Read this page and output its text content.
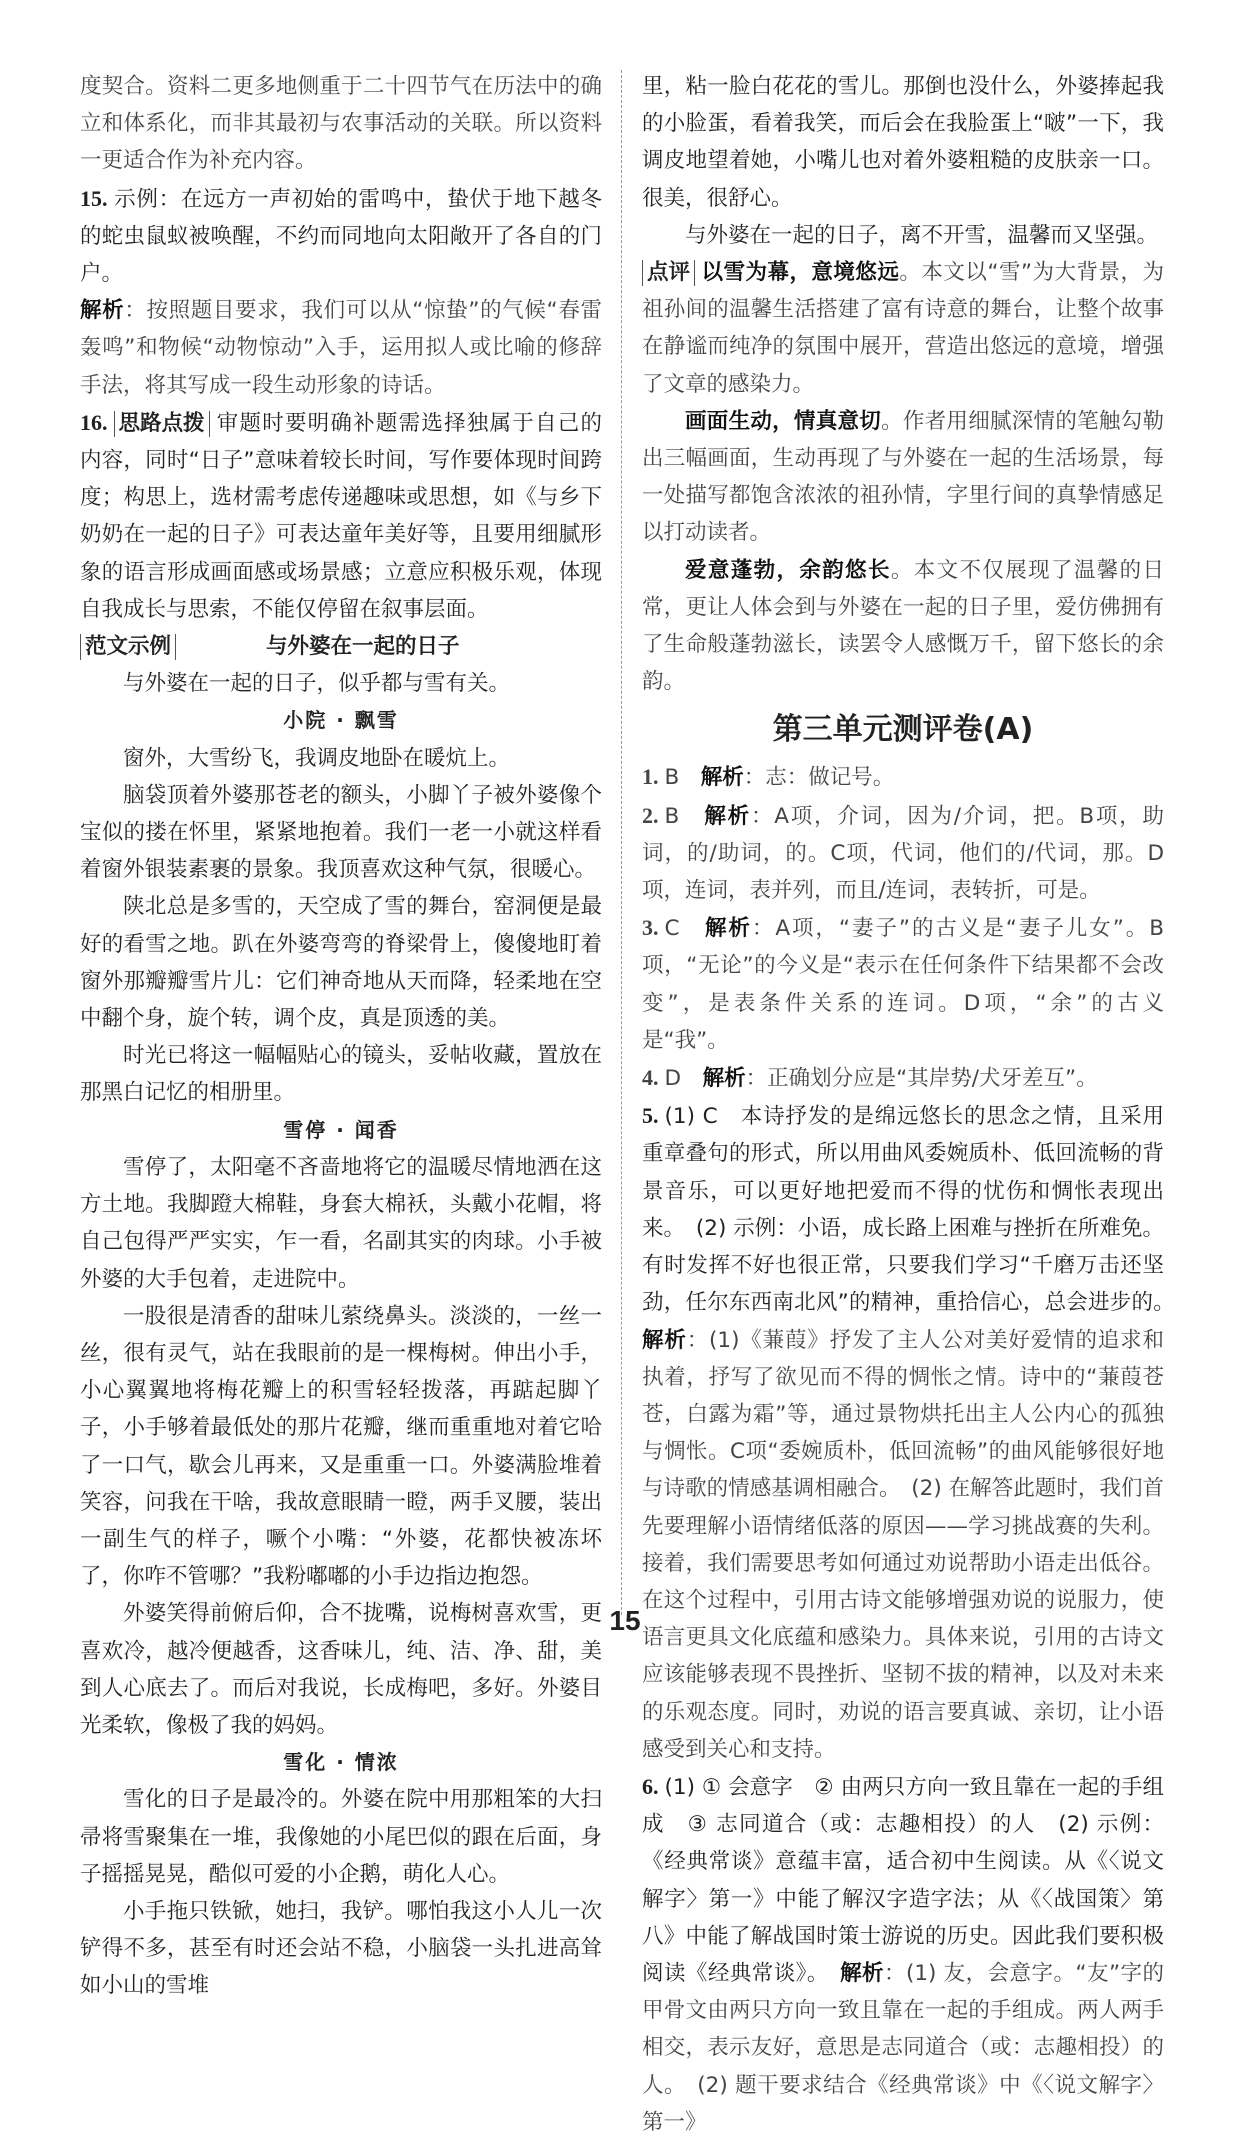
度契合。资料二更多地侧重于二十四节气在历法中的确立和体系化，而非其最初与农事活动的关联。所以资料一更适合作为补充内容。

15. 示例：在远方一声初始的雷鸣中，蛰伏于地下越冬的蛇虫鼠蚁被唤醒，不约而同地向太阳敞开了各自的门户。

解析：按照题目要求，我们可以从“惊蛰”的气候“春雷轰鸣”和物候“动物惊动”入手，运用拟人或比喻的修辞手法，将其写成一段生动形象的诗话。

16. 思路点拨 审题时要明确补题需选择独属于自己的内容，同时“日子”意味着较长时间，写作要体现时间跨度；构思上，选材需考虑传递趣味或思想，如《与乡下奶奶在一起的日子》可表达童年美好等，且要用细腻形象的语言形成画面感或场景感；立意应积极乐观，体现自我成长与思索，不能仅停留在叙事层面。

范文示例	与外婆在一起的日子

与外婆在一起的日子，似乎都与雪有关。

小院 · 飘雪

窗外，大雪纷飞，我调皮地卧在暖炕上。

脑袋顶着外婆那苍老的额头，小脚丫子被外婆像个宝似的搂在怀里，紧紧地抱着。我们一老一小就这样看着窗外银装素裹的景象。我顶喜欢这种气氛，很暖心。

陕北总是多雪的，天空成了雪的舞台，窑洞便是最好的看雪之地。趴在外婆弯弯的脊梁骨上，傻傻地盯着窗外那瓣瓣雪片儿：它们神奇地从天而降，轻柔地在空中翻个身，旋个转，调个皮，真是顶透的美。

时光已将这一幅幅贴心的镜头，妥帖收藏，置放在那黑白记忆的相册里。

雪停 · 闻香

雪停了，太阳毫不吝啬地将它的温暖尽情地洒在这方土地。我脚蹬大棉鞋，身套大棉袄，头戴小花帽，将自己包得严严实实，乍一看，名副其实的肉球。小手被外婆的大手包着，走进院中。

一股很是清香的甜味儿萦绕鼻头。淡淡的，一丝一丝，很有灵气，站在我眼前的是一棵梅树。伸出小手，小心翼翼地将梅花瓣上的积雪轻轻拨落，再踮起脚丫子，小手够着最低处的那片花瓣，继而重重地对着它哈了一口气，歇会儿再来，又是重重一口。外婆满脸堆着笑容，问我在干啥，我故意眼睛一瞪，两手叉腰，装出一副生气的样子，噘个小嘴：“外婆，花都快被冻坏了，你咋不管哪？”我粉嘟嘟的小手边指边抱怨。

外婆笑得前俯后仰，合不拢嘴，说梅树喜欢雪，更喜欢冷，越冷便越香，这香味儿，纯、洁、净、甜，美到人心底去了。而后对我说，长成梅吧，多好。外婆目光柔软，像极了我的妈妈。

雪化 · 情浓

雪化的日子是最冷的。外婆在院中用那粗笨的大扫帚将雪聚集在一堆，我像她的小尾巴似的跟在后面，身子摇摇晃晃，酷似可爱的小企鹅，萌化人心。

小手拖只铁锨，她扫，我铲。哪怕我这小人儿一次铲得不多，甚至有时还会站不稳，小脑袋一头扎进高耸如小山的雪堆

里，粘一脸白花花的雪儿。那倒也没什么，外婆捧起我的小脸蛋，看着我笑，而后会在我脸蛋上“啵”一下，我调皮地望着她，小嘴儿也对着外婆粗糙的皮肤亲一口。很美，很舒心。

与外婆在一起的日子，离不开雪，温馨而又坚强。

点评 以雪为幕，意境悠远。本文以“雪”为大背景，为祖孙间的温馨生活搭建了富有诗意的舞台，让整个故事在静谧而纯净的氛围中展开，营造出悠远的意境，增强了文章的感染力。

画面生动，情真意切。作者用细腻深情的笔触勾勒出三幅画面，生动再现了与外婆在一起的生活场景，每一处描写都饱含浓浓的祖孙情，字里行间的真挚情感足以打动读者。

爱意蓬勃，余韵悠长。本文不仅展现了温馨的日常，更让人体会到与外婆在一起的日子里，爱仿佛拥有了生命般蓬勃滋长，读罢令人感慨万千，留下悠长的余韵。

第三单元测评卷(A)

1. B　 解析：志：做记号。

2. B　 解析：A项，介词，因为/介词，把。B项，助词，的/助词，的。C项，代词，他们的/代词，那。D项，连词，表并列，而且/连词，表转折，可是。

3. C　 解析：A项，“妻子”的古义是“妻子儿女”。B项，“无论”的今义是“表示在任何条件下结果都不会改变”，是表条件关系的连词。D项，“余”的古义是“我”。

4. D　 解析：正确划分应是“其岸势/犬牙差互”。

5. (1) C　本诗抒发的是绵远悠长的思念之情，且采用重章叠句的形式，所以用曲风委婉质朴、低回流畅的背景音乐，可以更好地把爱而不得的忧伤和惆怅表现出来。　(2) 示例：小语，成长路上困难与挫折在所难免。有时发挥不好也很正常，只要我们学习“千磨万击还坚劲，任尔东西南北风”的精神，重拾信心，总会进步的。　解析：(1)《蒹葭》抒发了主人公对美好爱情的追求和执着，抒写了欲见而不得的惆怅之情。诗中的“蒹葭苍苍，白露为霜”等，通过景物烘托出主人公内心的孤独与惆怅。C项“委婉质朴，低回流畅”的曲风能够很好地与诗歌的情感基调相融合。　(2) 在解答此题时，我们首先要理解小语情绪低落的原因——学习挑战赛的失利。接着，我们需要思考如何通过劝说帮助小语走出低谷。在这个过程中，引用古诗文能够增强劝说的说服力，使语言更具文化底蕴和感染力。具体来说，引用的古诗文应该能够表现不畏挫折、坚韧不拔的精神，以及对未来的乐观态度。同时，劝说的语言要真诚、亲切，让小语感受到关心和支持。

6. (1) ① 会意字　② 由两只方向一致且靠在一起的手组成　③ 志同道合（或：志趣相投）的人　(2) 示例：《经典常谈》意蕴丰富，适合初中生阅读。从《〈说文解字〉第一》中能了解汉字造字法；从《〈战国策〉第八》中能了解战国时策士游说的历史。因此我们要积极阅读《经典常谈》。　 解析：(1) 友，会意字。“友”字的甲骨文由两只方向一致且靠在一起的手组成。两人两手相交，表示友好，意思是志同道合（或：志趣相投）的人。　(2) 题干要求结合《经典常谈》中《〈说文解字〉第一》

15
